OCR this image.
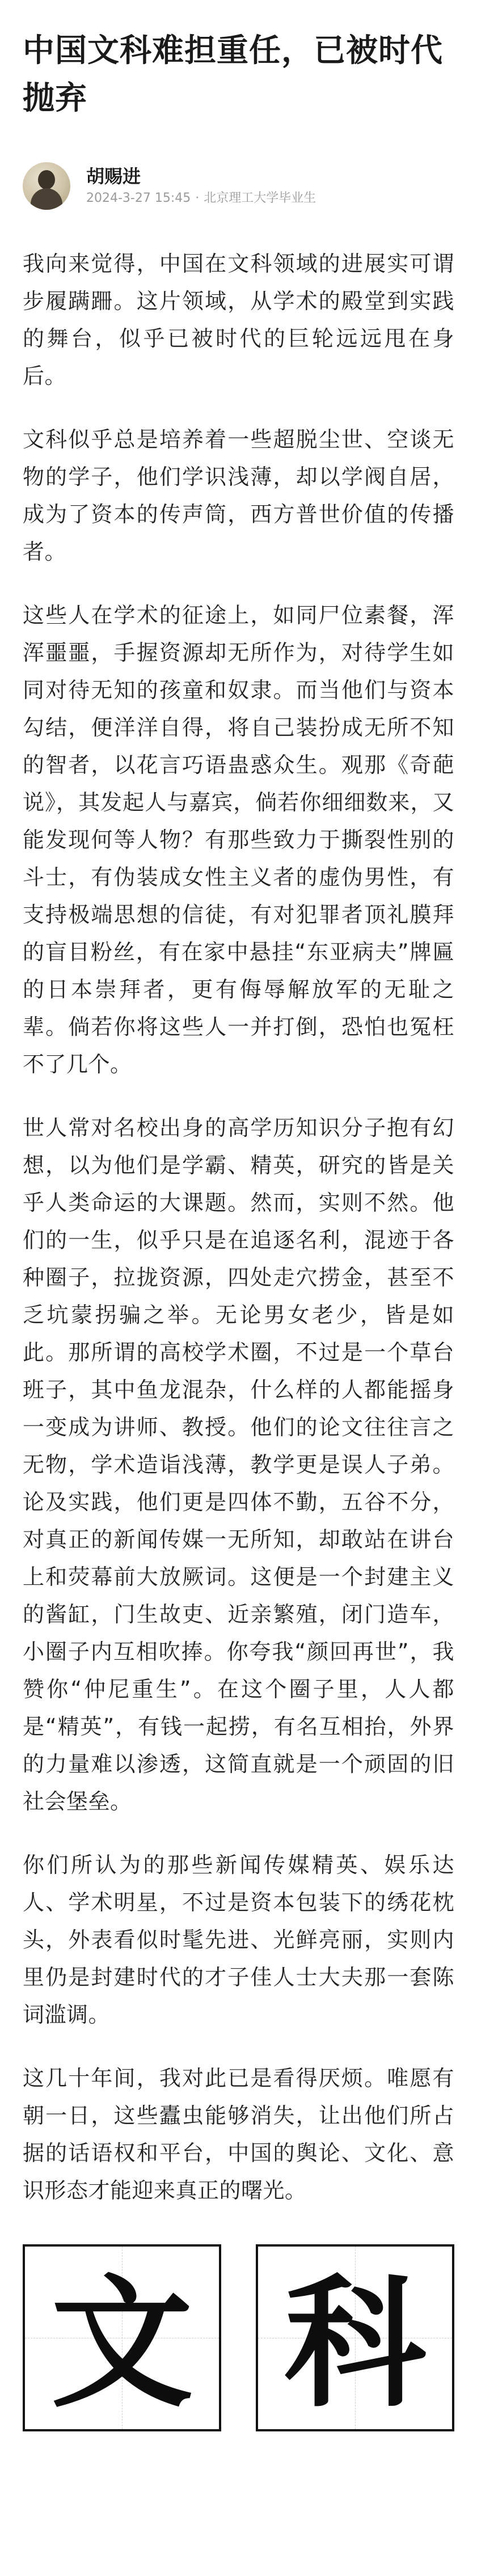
中国文科难担重任，已被时代抛弃
胡赐进
2024-3-27 15:45 · 北京理工大学毕业生

我向来觉得，中国在文科领域的进展实可谓步履蹒跚。这片领域，从学术的殿堂到实践的舞台，似乎已被时代的巨轮远远甩在身后。

文科似乎总是培养着一些超脱尘世、空谈无物的学子，他们学识浅薄，却以学阀自居，成为了资本的传声筒，西方普世价值的传播者。

这些人在学术的征途上，如同尸位素餐，浑浑噩噩，手握资源却无所作为，对待学生如同对待无知的孩童和奴隶。而当他们与资本勾结，便洋洋自得，将自己装扮成无所不知的智者，以花言巧语蛊惑众生。观那《奇葩说》，其发起人与嘉宾，倘若你细细数来，又能发现何等人物？有那些致力于撕裂性别的斗士，有伪装成女性主义者的虚伪男性，有支持极端思想的信徒，有对犯罪者顶礼膜拜的盲目粉丝，有在家中悬挂“东亚病夫”牌匾的日本崇拜者，更有侮辱解放军的无耻之辈。倘若你将这些人一并打倒，恐怕也冤枉不了几个。

世人常对名校出身的高学历知识分子抱有幻想，以为他们是学霸、精英，研究的皆是关乎人类命运的大课题。然而，实则不然。他们的一生，似乎只是在追逐名利，混迹于各种圈子，拉拢资源，四处走穴捞金，甚至不乏坑蒙拐骗之举。无论男女老少，皆是如此。那所谓的高校学术圈，不过是一个草台班子，其中鱼龙混杂，什么样的人都能摇身一变成为讲师、教授。他们的论文往往言之无物，学术造诣浅薄，教学更是误人子弟。论及实践，他们更是四体不勤，五谷不分，对真正的新闻传媒一无所知，却敢站在讲台上和荧幕前大放厥词。这便是一个封建主义的酱缸，门生故吏、近亲繁殖，闭门造车，小圈子内互相吹捧。你夸我“颜回再世”，我赞你“仲尼重生”。在这个圈子里，人人都是“精英”，有钱一起捞，有名互相抬，外界的力量难以渗透，这简直就是一个顽固的旧社会堡垒。

你们所认为的那些新闻传媒精英、娱乐达人、学术明星，不过是资本包装下的绣花枕头，外表看似时髦先进、光鲜亮丽，实则内里仍是封建时代的才子佳人士大夫那一套陈词滥调。

这几十年间，我对此已是看得厌烦。唯愿有朝一日，这些蠹虫能够消失，让出他们所占据的话语权和平台，中国的舆论、文化、意识形态才能迎来真正的曙光。

文 科
